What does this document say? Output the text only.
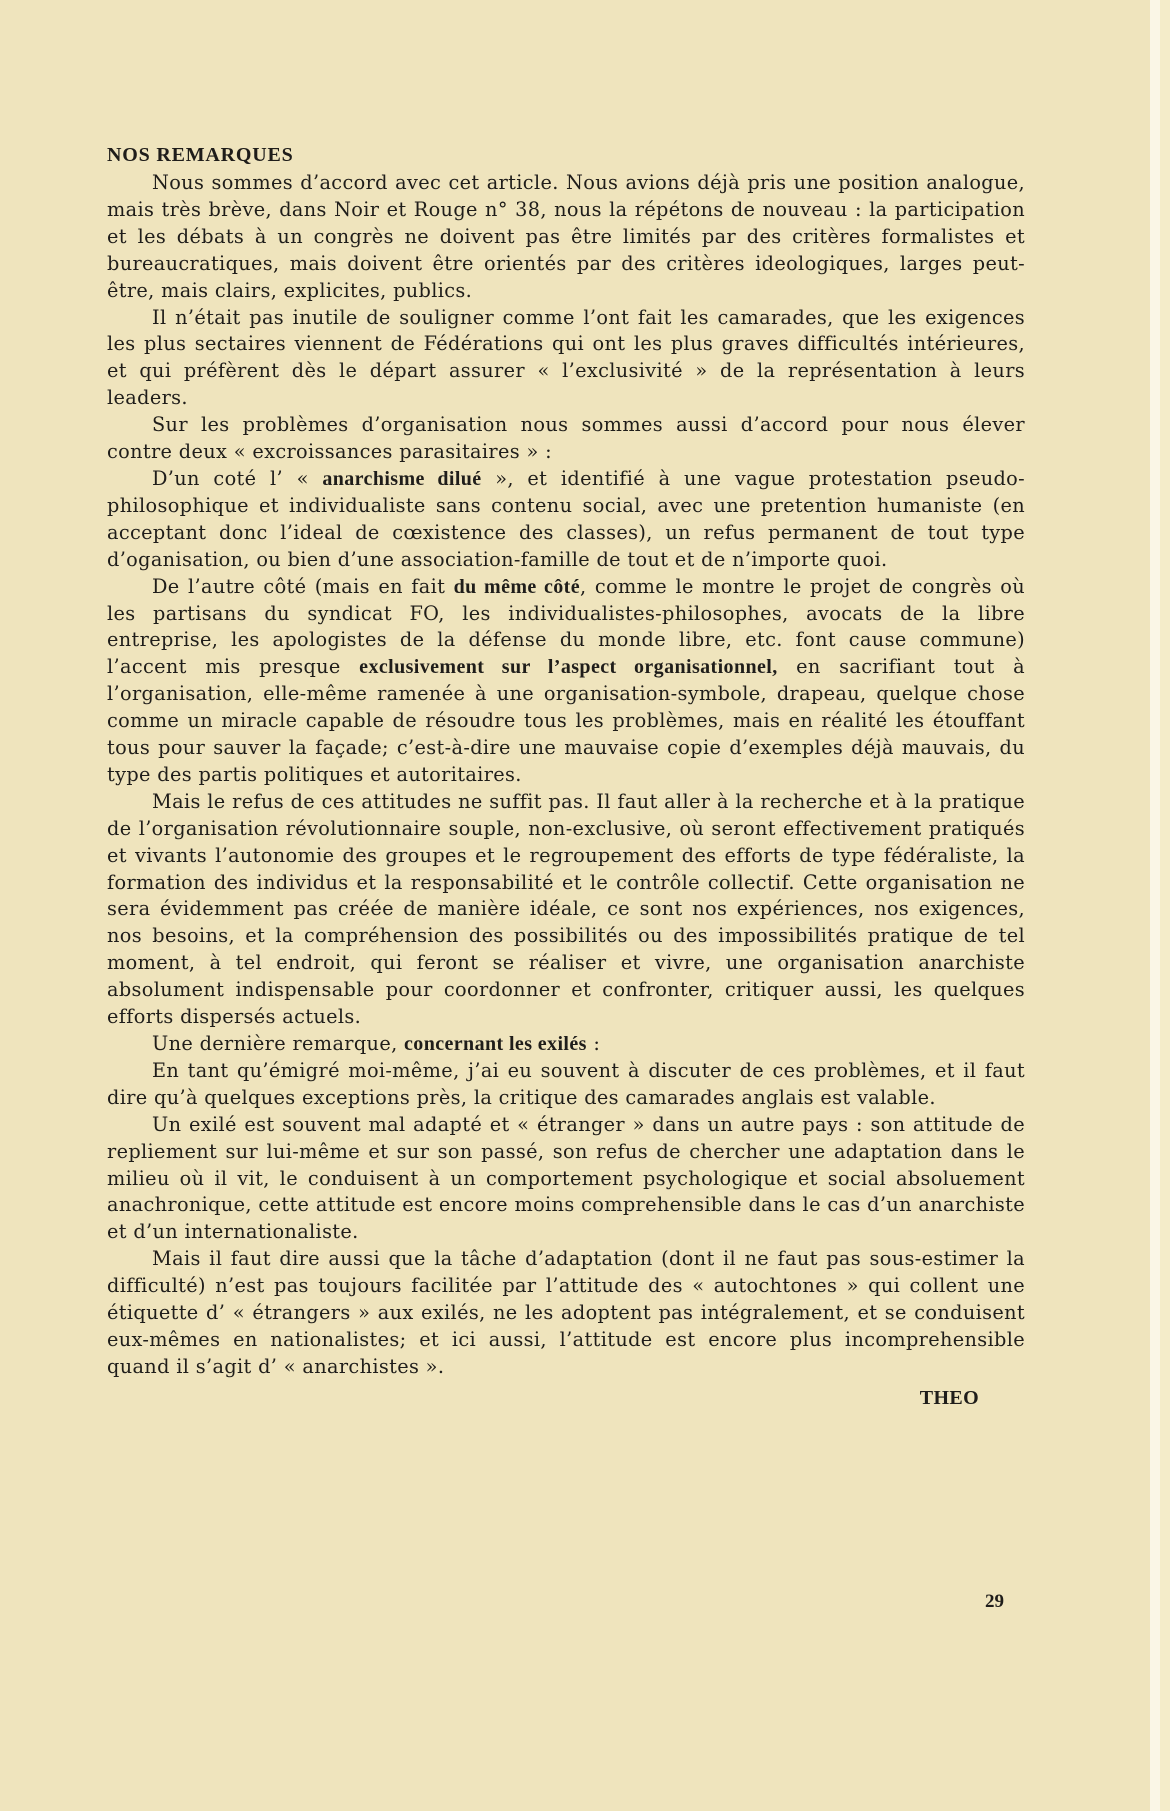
NOS REMARQUES

Nous sommes d’accord avec cet article. Nous avions déjà pris une position analogue, mais très brève, dans Noir et Rouge n° 38, nous la répétons de nouveau : la participation et les débats à un congrès ne doivent pas être limités par des critères formalistes et bureaucratiques, mais doivent être orientés par des critères ideologiques, larges peut-être, mais clairs, explicites, publics.

Il n’était pas inutile de souligner comme l’ont fait les camarades, que les exigences les plus sectaires viennent de Fédérations qui ont les plus graves difficultés intérieures, et qui préfèrent dès le départ assurer « l’exclusivité » de la représentation à leurs leaders.

Sur les problèmes d’organisation nous sommes aussi d’accord pour nous élever contre deux « excroissances parasitaires » :

D’un coté l’ « anarchisme dilué », et identifié à une vague protestation pseudo-philosophique et individualiste sans contenu social, avec une pretention humaniste (en acceptant donc l’ideal de cœxistence des classes), un refus permanent de tout type d’oganisation, ou bien d’une association-famille de tout et de n’importe quoi.

De l’autre côté (mais en fait du même côté, comme le montre le projet de congrès où les partisans du syndicat FO, les individualistes-philosophes, avocats de la libre entreprise, les apologistes de la défense du monde libre, etc. font cause commune) l’accent mis presque exclusivement sur l’aspect organisationnel, en sacrifiant tout à l’organisation, elle-même ramenée à une organisation-symbole, drapeau, quelque chose comme un miracle capable de résoudre tous les problèmes, mais en réalité les étouffant tous pour sauver la façade; c’est-à-dire une mauvaise copie d’exemples déjà mauvais, du type des partis politiques et autoritaires.

Mais le refus de ces attitudes ne suffit pas. Il faut aller à la recherche et à la pratique de l’organisation révolutionnaire souple, non-exclusive, où seront effectivement pratiqués et vivants l’autonomie des groupes et le regroupement des efforts de type fédéraliste, la formation des individus et la responsabilité et le contrôle collectif. Cette organisation ne sera évidemment pas créée de manière idéale, ce sont nos expériences, nos exigences, nos besoins, et la compréhension des possibilités ou des impossibilités pratique de tel moment, à tel endroit, qui feront se réaliser et vivre, une organisation anarchiste absolument indispensable pour coordonner et confronter, critiquer aussi, les quelques efforts dispersés actuels.

Une dernière remarque, concernant les exilés :

En tant qu’émigré moi-même, j’ai eu souvent à discuter de ces problèmes, et il faut dire qu’à quelques exceptions près, la critique des camarades anglais est valable.

Un exilé est souvent mal adapté et « étranger » dans un autre pays : son attitude de repliement sur lui-même et sur son passé, son refus de chercher une adaptation dans le milieu où il vit, le conduisent à un comportement psychologique et social absoluement anachronique, cette attitude est encore moins comprehensible dans le cas d’un anarchiste et d’un internationaliste.

Mais il faut dire aussi que la tâche d’adaptation (dont il ne faut pas sous-estimer la difficulté) n’est pas toujours facilitée par l’attitude des « autochtones » qui collent une étiquette d’ « étrangers » aux exilés, ne les adoptent pas intégralement, et se conduisent eux-mêmes en nationalistes; et ici aussi, l’attitude est encore plus incomprehensible quand il s’agit d’ « anarchistes ».

THEO
29
